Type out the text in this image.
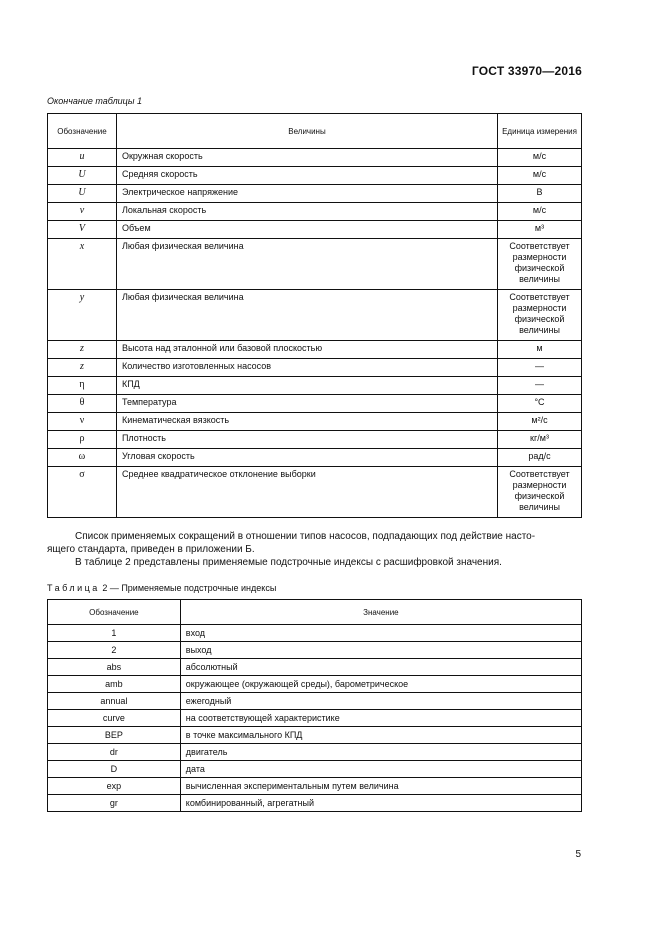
ГОСТ 33970—2016
Окончание таблицы 1
Обозначение	Величины	Единица измерения
u	Окружная скорость	м/с
U	Средняя скорость	м/с
U	Электрическое напряжение	В
v	Локальная скорость	м/с
V	Объем	м³
x	Любая физическая величина	Соответствует размерности физической величины
y	Любая физическая величина	Соответствует размерности физической величины
z	Высота над эталонной или базовой плоскостью	м
z	Количество изготовленных насосов	—
η	КПД	—
θ	Температура	°C
ν	Кинематическая вязкость	м²/с
ρ	Плотность	кг/м³
ω	Угловая скорость	рад/с
σ	Среднее квадратическое отклонение выборки	Соответствует размерности физической величины
Список применяемых сокращений в отношении типов насосов, подпадающих под действие насто-
ящего стандарта, приведен в приложении Б.
В таблице 2 представлены применяемые подстрочные индексы с расшифровкой значения.
Таблица 2 — Применяемые подстрочные индексы
Обозначение	Значение
1	вход
2	выход
abs	абсолютный
amb	окружающее (окружающей среды), барометрическое
annual	ежегодный
curve	на соответствующей характеристике
BEP	в точке максимального КПД
dr	двигатель
D	дата
exp	вычисленная экспериментальным путем величина
gr	комбинированный, агрегатный
5
